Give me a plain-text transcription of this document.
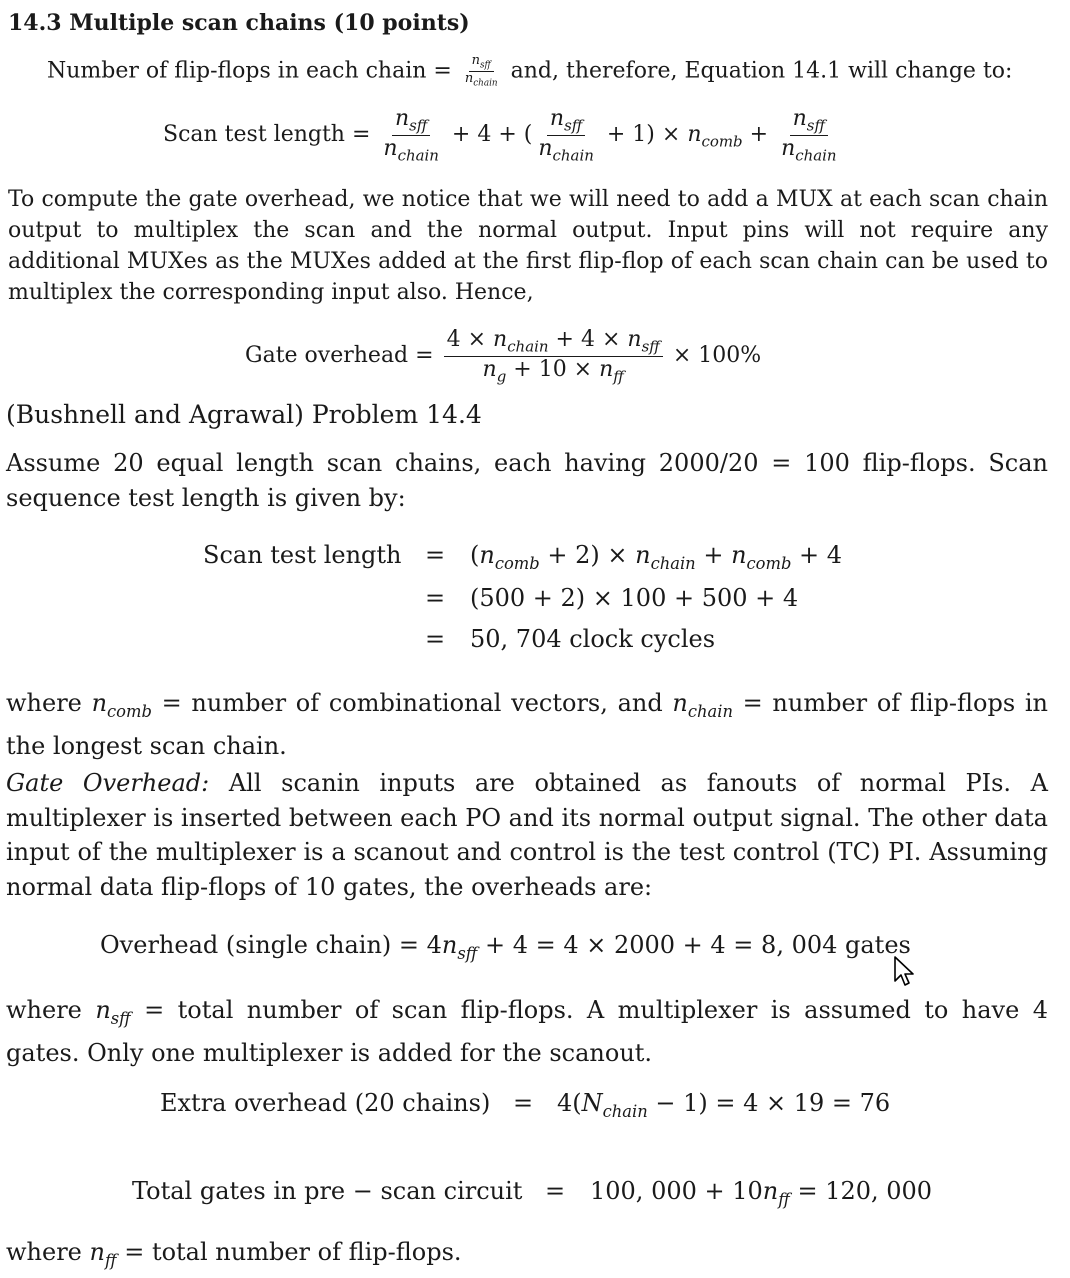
14.3 Multiple scan chains (10 points)
Number of flip-flops in each chain = $\frac{n_{sff}}{n_{chain}}$ and, therefore, Equation 14.1 will change to:
Scan test length = $\frac{n_{sff}}{n_{chain}} + 4$ + ( $\frac{n_{sff}}{n_{chain}} + 1) \times n_{comb} + \frac{n_{sff}}{n_{chain}}$
To compute the gate overhead, we notice that we will need to add a MUX at each scan chain output to multiplex the scan and the normal output. Input pins will not require any additional MUXes as the MUXes added at the first flip-flop of each scan chain can be used to multiplex the corresponding input also. Hence,
Gate overhead = $\frac{4 \times n_{chain} + 4 \times n_{sff}}{n_g + 10 \times n_{ff}} \times 100\%$
(Bushnell and Agrawal) Problem 14.4
Assume 20 equal length scan chains, each having 2000/20 = 100 flip-flops. Scan sequence test length is given by:
Scan test length = $(n_{comb} + 2) \times n_{chain} + n_{comb} + 4$
= (500 + 2) × 100 + 500 + 4
= 50, 704 clock cycles
where $n_{comb}$ = number of combinational vectors, and $n_{chain}$ = number of flip-flops in the longest scan chain.
Gate Overhead: All scanin inputs are obtained as fanouts of normal PIs. A multiplexer is inserted between each PO and its normal output signal. The other data input of the multiplexer is a scanout and control is the test control (TC) PI. Assuming normal data flip-flops of 10 gates, the overheads are:
Overhead (single chain) = $4n_{sff} + 4 = 4 \times 2000 + 4 = 8$, 004 gates
where $n_{sff}$ = total number of scan flip-flops. A multiplexer is assumed to have 4 gates. Only one multiplexer is added for the scanout.
Extra overhead (20 chains) = $4(N_{chain} - 1) = 4 \times 19 = 76$
Total gates in pre − scan circuit = 100, $000 + 10n_{ff} = 120$, 000
where $n_{ff}$ = total number of flip-flops.
